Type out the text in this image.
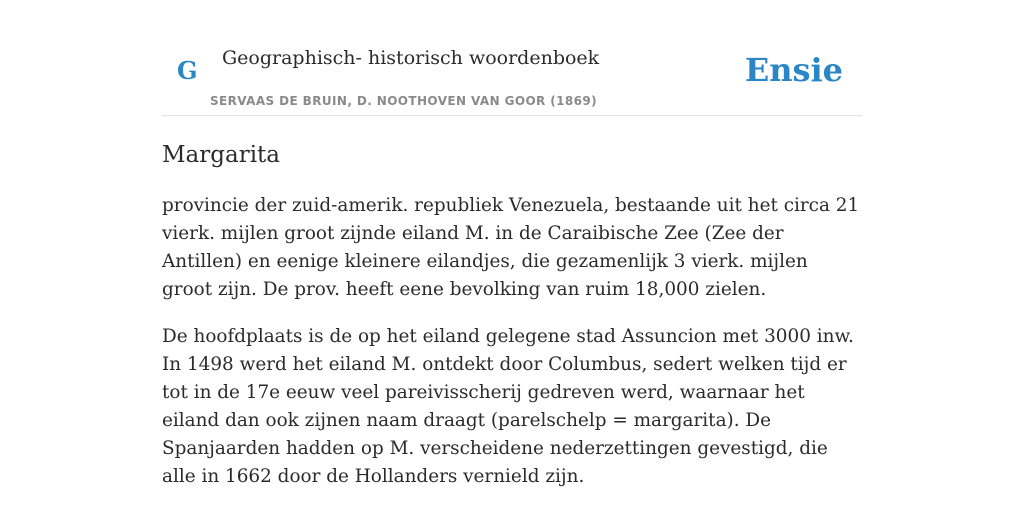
G Geographisch- historisch woordenboek
SERVAAS DE BRUIN, D. NOOTHOVEN VAN GOOR (1869)
Ensie
Margarita

provincie der zuid-amerik. republiek Venezuela, bestaande uit het circa 21 vierk. mijlen groot zijnde eiland M. in de Caraibische Zee (Zee der Antillen) en eenige kleinere eilandjes, die gezamenlijk 3 vierk. mijlen groot zijn. De prov. heeft eene bevolking van ruim 18,000 zielen.

De hoofdplaats is de op het eiland gelegene stad Assuncion met 3000 inw. In 1498 werd het eiland M. ontdekt door Columbus, sedert welken tijd er tot in de 17e eeuw veel pareivisscherij gedreven werd, waarnaar het eiland dan ook zijnen naam draagt (parelschelp = margarita). De Spanjaarden hadden op M. verscheidene nederzettingen gevestigd, die alle in 1662 door de Hollanders vernield zijn.
